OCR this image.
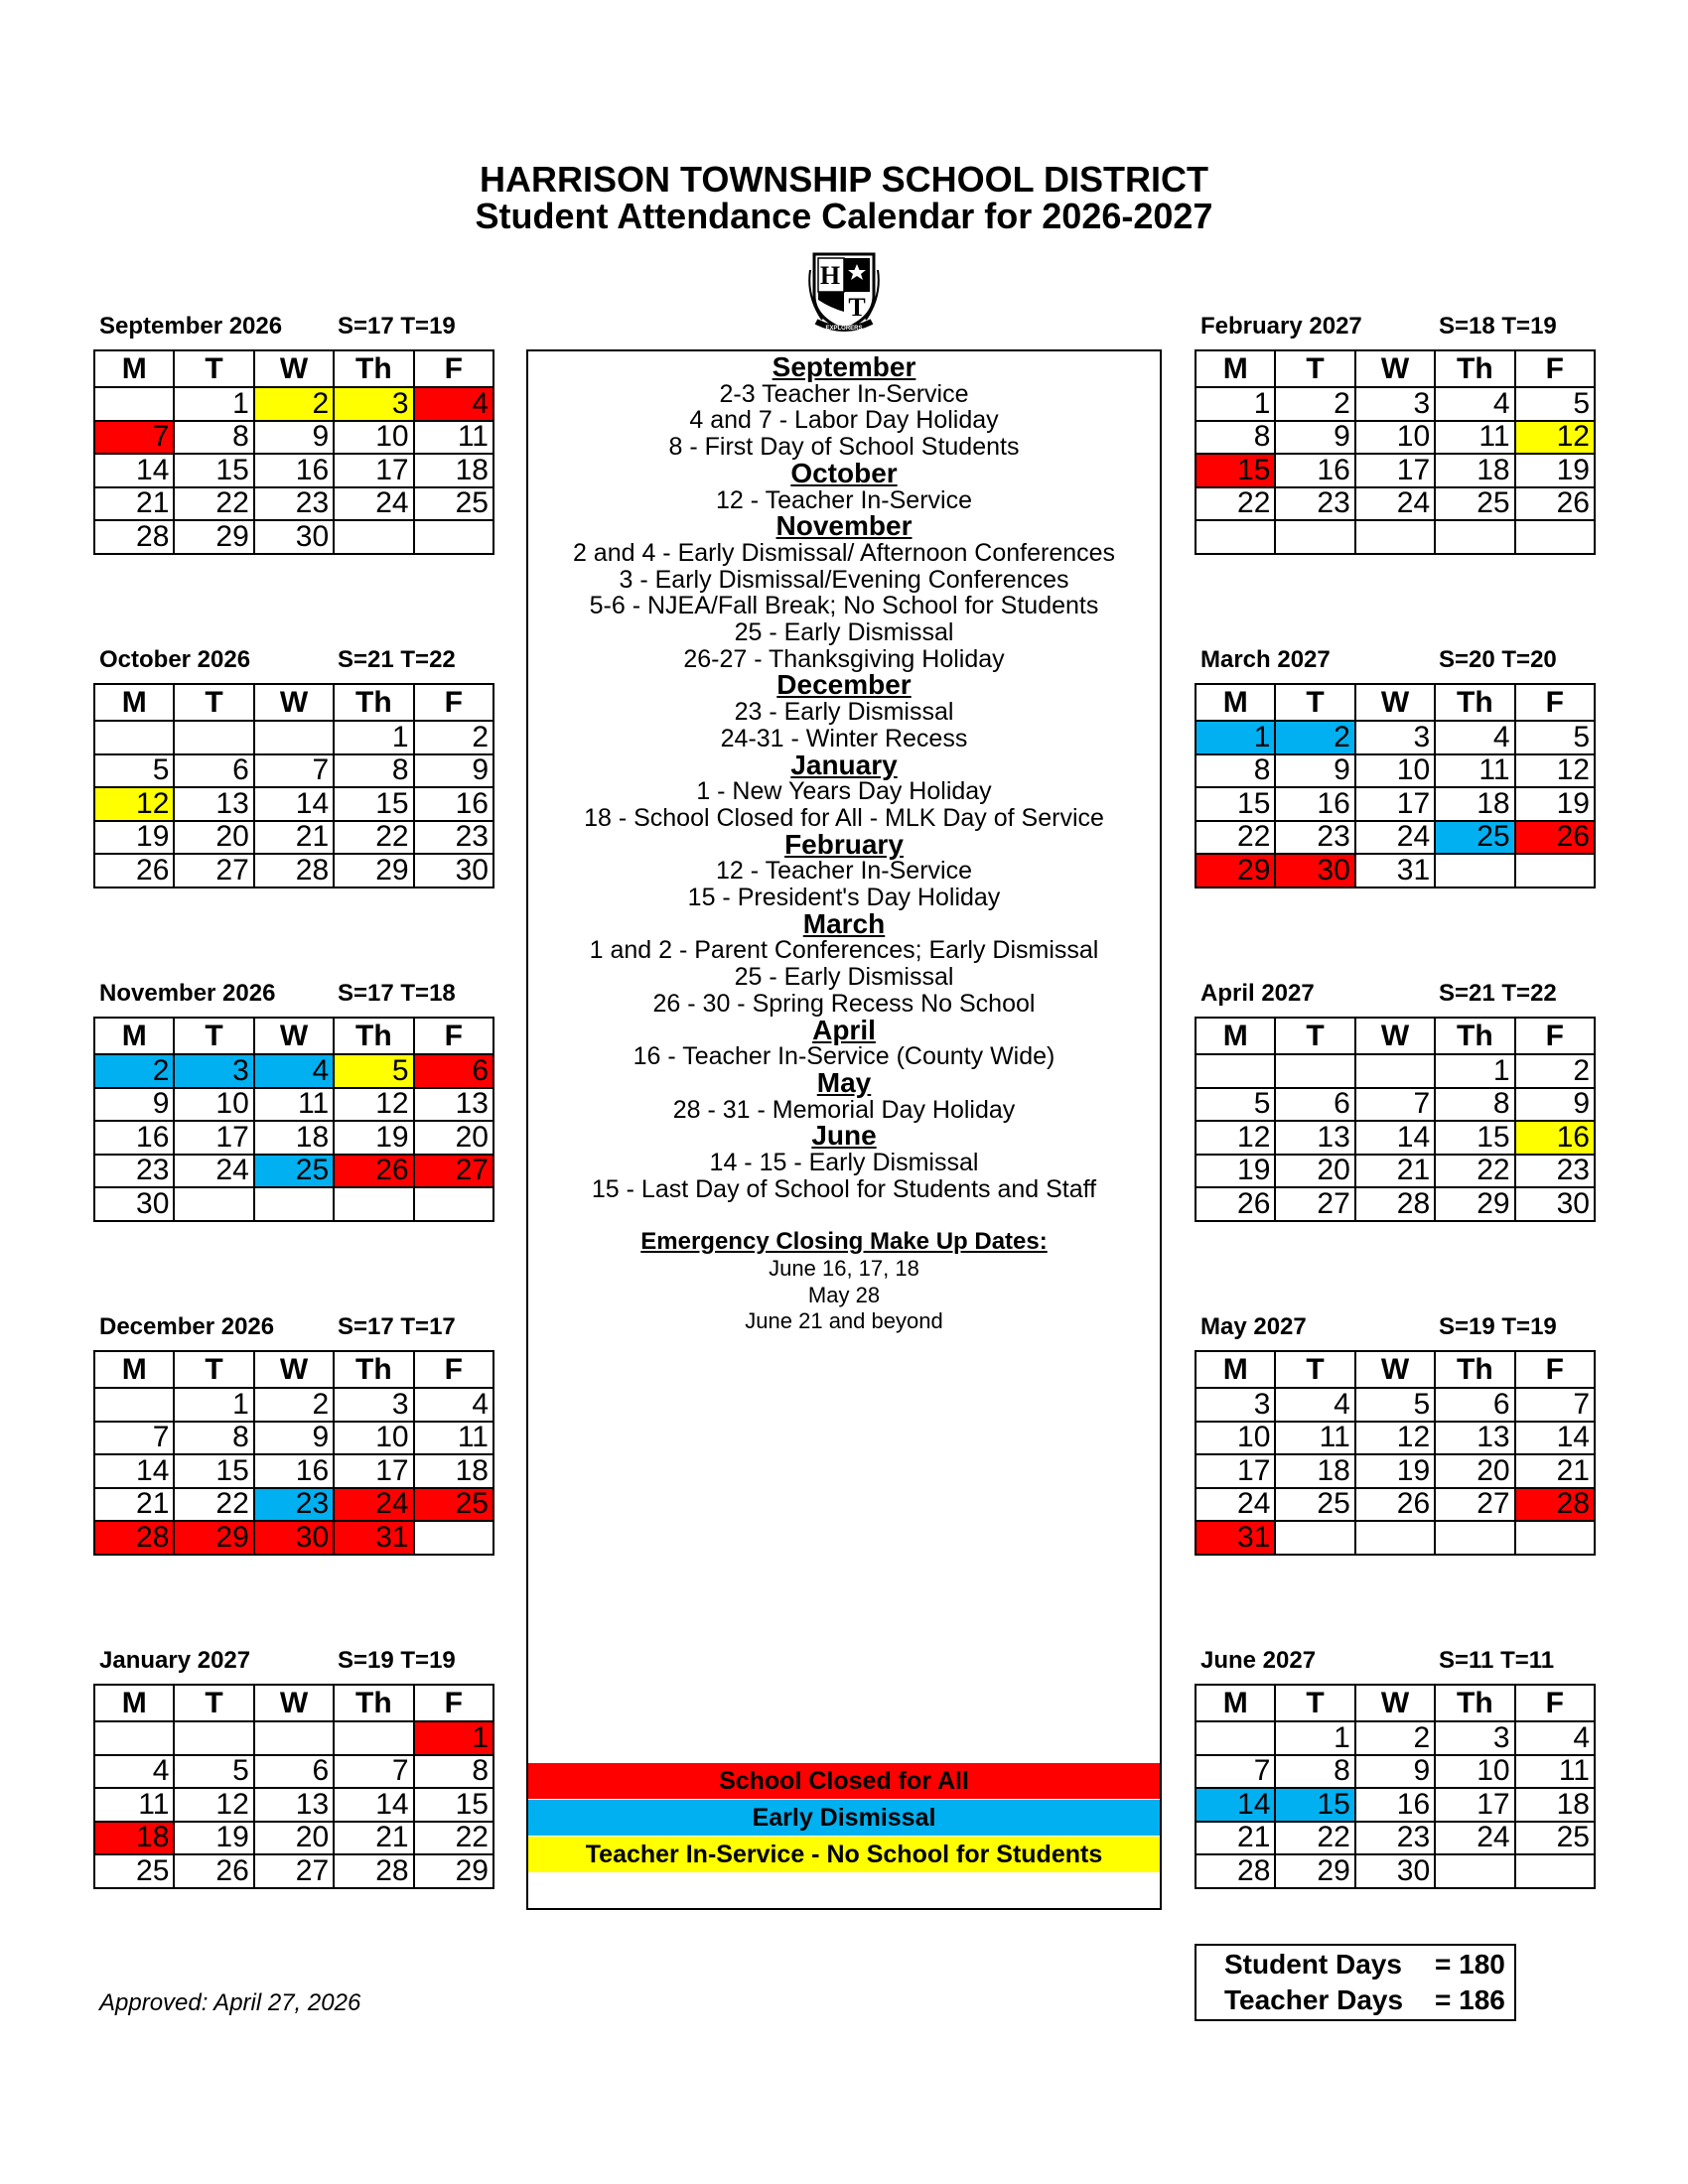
HARRISON TOWNSHIP SCHOOL DISTRICT
Student Attendance Calendar for 2026-2027
H
T
EXPLORERS
September 2026 S=17 T=19
M	T	W	Th	F
	1	2	3	4
7	8	9	10	11
14	15	16	17	18
21	22	23	24	25
28	29	30		
October 2026	S=21 T=22
M	T	W	Th	F
			1	2
5	6	7	8	9
12	13	14	15	16
19	20	21	22	23
26	27	28	29	30
November 2026	S=17 T=18
M	T	W	Th	F
2	3	4	5	6
9	10	11	12	13
16	17	18	19	20
23	24	25	26	27
30				
December 2026	S=17 T=17
M	T	W	Th	F
	1	2	3	4
7	8	9	10	11
14	15	16	17	18
21	22	23	24	25
28	29	30	31	
January 2027	S=19 T=19
M	T	W	Th	F
				1
4	5	6	7	8
11	12	13	14	15
18	19	20	21	22
25	26	27	28	29
February 2027	S=18 T=19
M	T	W	Th	F
1	2	3	4	5
8	9	10	11	12
15	16	17	18	19
22	23	24	25	26

March 2027	S=20 T=20
M	T	W	Th	F
1	2	3	4	5
8	9	10	11	12
15	16	17	18	19
22	23	24	25	26
29	30	31		
April 2027	S=21 T=22
M	T	W	Th	F
			1	2
5	6	7	8	9
12	13	14	15	16
19	20	21	22	23
26	27	28	29	30
May 2027	S=19 T=19
M	T	W	Th	F
3	4	5	6	7
10	11	12	13	14
17	18	19	20	21
24	25	26	27	28
31				
June 2027	S=11 T=11
M	T	W	Th	F
	1	2	3	4
7	8	9	10	11
14	15	16	17	18
21	22	23	24	25
28	29	30		
September
2-3 Teacher In-Service
4 and 7 - Labor Day Holiday
8 - First Day of School Students
October
12 - Teacher In-Service
November
2 and 4 - Early Dismissal/ Afternoon Conferences
3 - Early Dismissal/Evening Conferences
5-6 - NJEA/Fall Break; No School for Students
25 - Early Dismissal
26-27 - Thanksgiving Holiday
December
23 - Early Dismissal
24-31 - Winter Recess
January
1 - New Years Day Holiday
18 - School Closed for All - MLK Day of Service
February
12 - Teacher In-Service
15 - President's Day Holiday
March
1 and 2 - Parent Conferences; Early Dismissal
25 - Early Dismissal
26 - 30 - Spring Recess No School
April
16 - Teacher In-Service (County Wide)
May
28 - 31 - Memorial Day Holiday
June
14 - 15 - Early Dismissal
15 - Last Day of School for Students and Staff
Emergency Closing Make Up Dates:
June 16, 17, 18
May 28
June 21 and beyond
School Closed for All
Early Dismissal
Teacher In-Service - No School for Students
Student Days = 180
Teacher Days = 186
Approved: April 27, 2026
